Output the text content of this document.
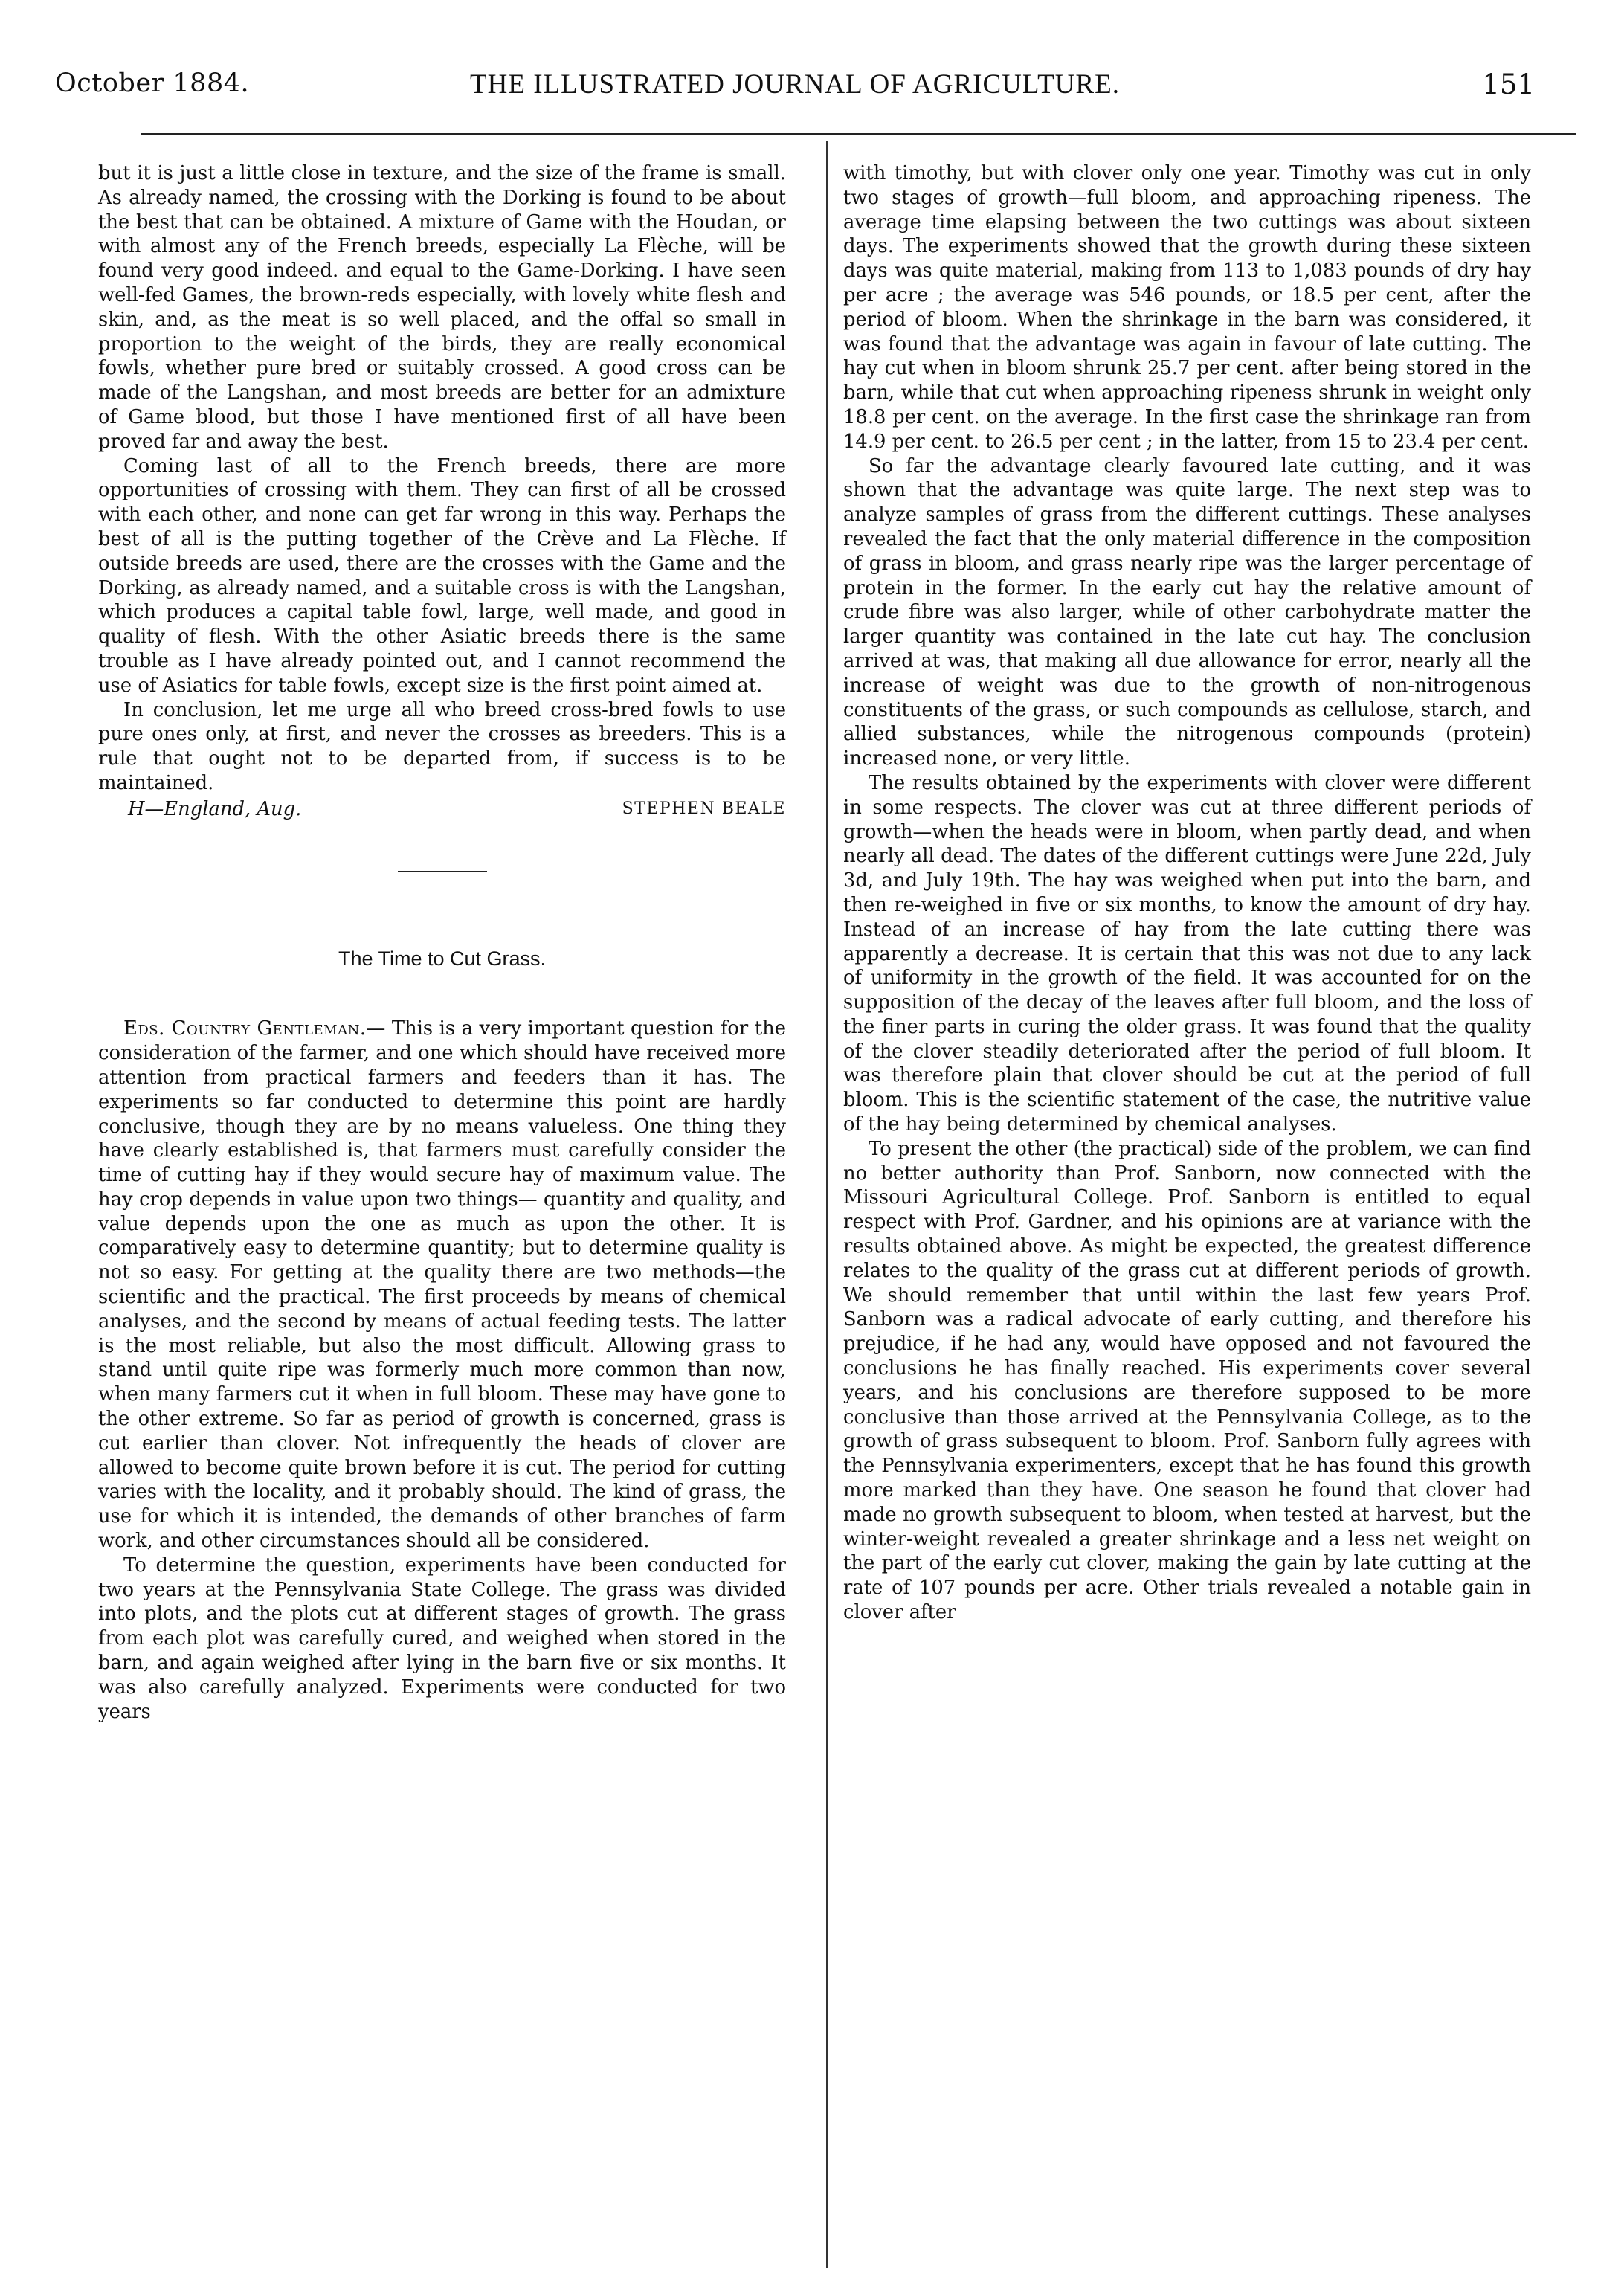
October 1884.	THE ILLUSTRATED JOURNAL OF AGRICULTURE.	151

but it is just a little close in texture, and the size of the frame is small. As already named, the crossing with the Dorking is found to be about the best that can be obtained. A mixture of Game with the Houdan, or with almost any of the French breeds, especially La Flèche, will be found very good indeed. and equal to the Game-Dorking. I have seen well-fed Games, the brown-reds especially, with lovely white flesh and skin, and, as the meat is so well placed, and the offal so small in proportion to the weight of the birds, they are really economical fowls, whether pure bred or suitably crossed. A good cross can be made of the Langshan, and most breeds are better for an admixture of Game blood, but those I have mentioned first of all have been proved far and away the best.

Coming last of all to the French breeds, there are more opportunities of crossing with them. They can first of all be crossed with each other, and none can get far wrong in this way. Perhaps the best of all is the putting together of the Crève and La Flèche. If outside breeds are used, there are the crosses with the Game and the Dorking, as already named, and a suitable cross is with the Langshan, which produces a capital table fowl, large, well made, and good in quality of flesh. With the other Asiatic breeds there is the same trouble as I have already pointed out, and I cannot recommend the use of Asiatics for table fowls, except size is the first point aimed at.

In conclusion, let me urge all who breed cross-bred fowls to use pure ones only, at first, and never the crosses as breeders. This is a rule that ought not to be departed from, if success is to be maintained.

H—England, Aug.	STEPHEN BEALE
The Time to Cut Grass.

Eds. Country Gentleman.— This is a very important question for the consideration of the farmer, and one which should have received more attention from practical farmers and feeders than it has. The experiments so far conducted to determine this point are hardly conclusive, though they are by no means valueless. One thing they have clearly established is, that farmers must carefully consider the time of cutting hay if they would secure hay of maximum value. The hay crop depends in value upon two things— quantity and quality, and value depends upon the one as much as upon the other. It is comparatively easy to determine quantity; but to determine quality is not so easy. For getting at the quality there are two methods—the scientific and the practical. The first proceeds by means of chemical analyses, and the second by means of actual feeding tests. The latter is the most reliable, but also the most difficult. Allowing grass to stand until quite ripe was formerly much more common than now, when many farmers cut it when in full bloom. These may have gone to the other extreme. So far as period of growth is concerned, grass is cut earlier than clover. Not infrequently the heads of clover are allowed to become quite brown before it is cut. The period for cutting varies with the locality, and it probably should. The kind of grass, the use for which it is intended, the demands of other branches of farm work, and other circumstances should all be considered.

To determine the question, experiments have been conducted for two years at the Pennsylvania State College. The grass was divided into plots, and the plots cut at different stages of growth. The grass from each plot was carefully cured, and weighed when stored in the barn, and again weighed after lying in the barn five or six months. It was also carefully analyzed. Experiments were conducted for two years

with timothy, but with clover only one year. Timothy was cut in only two stages of growth—full bloom, and approaching ripeness. The average time elapsing between the two cuttings was about sixteen days. The experiments showed that the growth during these sixteen days was quite material, making from 113 to 1,083 pounds of dry hay per acre ; the average was 546 pounds, or 18.5 per cent, after the period of bloom. When the shrinkage in the barn was considered, it was found that the advantage was again in favour of late cutting. The hay cut when in bloom shrunk 25.7 per cent. after being stored in the barn, while that cut when approaching ripeness shrunk in weight only 18.8 per cent. on the average. In the first case the shrinkage ran from 14.9 per cent. to 26.5 per cent ; in the latter, from 15 to 23.4 per cent.

So far the advantage clearly favoured late cutting, and it was shown that the advantage was quite large. The next step was to analyze samples of grass from the different cuttings. These analyses revealed the fact that the only material difference in the composition of grass in bloom, and grass nearly ripe was the larger percentage of protein in the former. In the early cut hay the relative amount of crude fibre was also larger, while of other carbohydrate matter the larger quantity was contained in the late cut hay. The conclusion arrived at was, that making all due allowance for error, nearly all the increase of weight was due to the growth of non-nitrogenous constituents of the grass, or such compounds as cellulose, starch, and allied substances, while the nitrogenous compounds (protein) increased none, or very little.

The results obtained by the experiments with clover were different in some respects. The clover was cut at three different periods of growth—when the heads were in bloom, when partly dead, and when nearly all dead. The dates of the different cuttings were June 22d, July 3d, and July 19th. The hay was weighed when put into the barn, and then re-weighed in five or six months, to know the amount of dry hay. Instead of an increase of hay from the late cutting there was apparently a decrease. It is certain that this was not due to any lack of uniformity in the growth of the field. It was accounted for on the supposition of the decay of the leaves after full bloom, and the loss of the finer parts in curing the older grass. It was found that the quality of the clover steadily deteriorated after the period of full bloom. It was therefore plain that clover should be cut at the period of full bloom. This is the scientific statement of the case, the nutritive value of the hay being determined by chemical analyses.

To present the other (the practical) side of the problem, we can find no better authority than Prof. Sanborn, now connected with the Missouri Agricultural College. Prof. Sanborn is entitled to equal respect with Prof. Gardner, and his opinions are at variance with the results obtained above. As might be expected, the greatest difference relates to the quality of the grass cut at different periods of growth. We should remember that until within the last few years Prof. Sanborn was a radical advocate of early cutting, and therefore his prejudice, if he had any, would have opposed and not favoured the conclusions he has finally reached. His experiments cover several years, and his conclusions are therefore supposed to be more conclusive than those arrived at the Pennsylvania College, as to the growth of grass subsequent to bloom. Prof. Sanborn fully agrees with the Pennsylvania experimenters, except that he has found this growth more marked than they have. One season he found that clover had made no growth subsequent to bloom, when tested at harvest, but the winter-weight revealed a greater shrinkage and a less net weight on the part of the early cut clover, making the gain by late cutting at the rate of 107 pounds per acre. Other trials revealed a notable gain in clover after
